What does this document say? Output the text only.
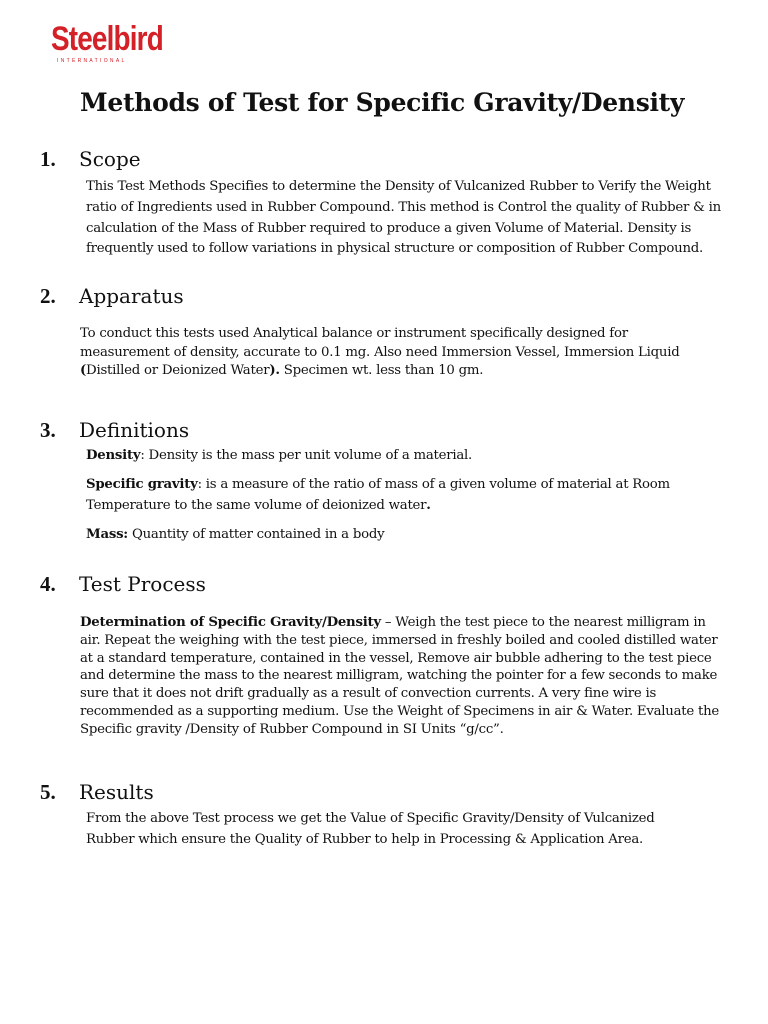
Steelbird
INTERNATIONAL
Methods of Test for Specific Gravity/Density
1. Scope

This Test Methods Specifies to determine the Density of Vulcanized Rubber to Verify the Weight ratio of Ingredients used in Rubber Compound. This method is Control the quality of Rubber & in calculation of the Mass of Rubber required to produce a given Volume of Material. Density is frequently used to follow variations in physical structure or composition of Rubber Compound.

2. Apparatus

To conduct this tests used Analytical balance or instrument specifically designed for measurement of density, accurate to 0.1 mg. Also need Immersion Vessel, Immersion Liquid (Distilled or Deionized Water). Specimen wt. less than 10 gm.

3. Definitions

Density: Density is the mass per unit volume of a material.

Specific gravity: is a measure of the ratio of mass of a given volume of material at Room Temperature to the same volume of deionized water.

Mass: Quantity of matter contained in a body

4. Test Process

Determination of Specific Gravity/Density – Weigh the test piece to the nearest milligram in air. Repeat the weighing with the test piece, immersed in freshly boiled and cooled distilled water at a standard temperature, contained in the vessel, Remove air bubble adhering to the test piece and determine the mass to the nearest milligram, watching the pointer for a few seconds to make sure that it does not drift gradually as a result of convection currents. A very fine wire is recommended as a supporting medium. Use the Weight of Specimens in air & Water. Evaluate the Specific gravity /Density of Rubber Compound in SI Units “g/cc”.

5. Results

From the above Test process we get the Value of Specific Gravity/Density of Vulcanized Rubber which ensure the Quality of Rubber to help in Processing & Application Area.
